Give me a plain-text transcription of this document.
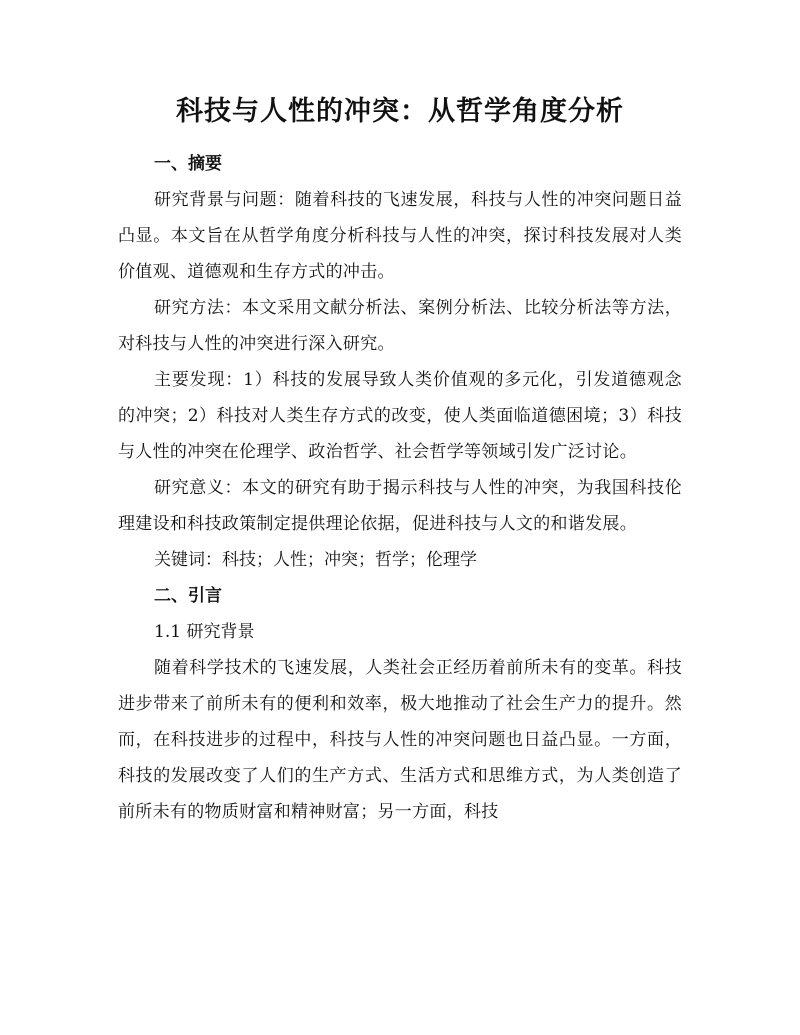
科技与人性的冲突：从哲学角度分析

一、摘要

研究背景与问题：随着科技的飞速发展，科技与人性的冲突问题日益凸显。本文旨在从哲学角度分析科技与人性的冲突，探讨科技发展对人类价值观、道德观和生存方式的冲击。

研究方法：本文采用文献分析法、案例分析法、比较分析法等方法，对科技与人性的冲突进行深入研究。

主要发现：1）科技的发展导致人类价值观的多元化，引发道德观念的冲突；2）科技对人类生存方式的改变，使人类面临道德困境；3）科技与人性的冲突在伦理学、政治哲学、社会哲学等领域引发广泛讨论。

研究意义：本文的研究有助于揭示科技与人性的冲突，为我国科技伦理建设和科技政策制定提供理论依据，促进科技与人文的和谐发展。

关键词：科技；人性；冲突；哲学；伦理学

二、引言

1.1 研究背景

随着科学技术的飞速发展，人类社会正经历着前所未有的变革。科技进步带来了前所未有的便利和效率，极大地推动了社会生产力的提升。然而，在科技进步的过程中，科技与人性的冲突问题也日益凸显。一方面，科技的发展改变了人们的生产方式、生活方式和思维方式，为人类创造了前所未有的物质财富和精神财富；另一方面，科技
